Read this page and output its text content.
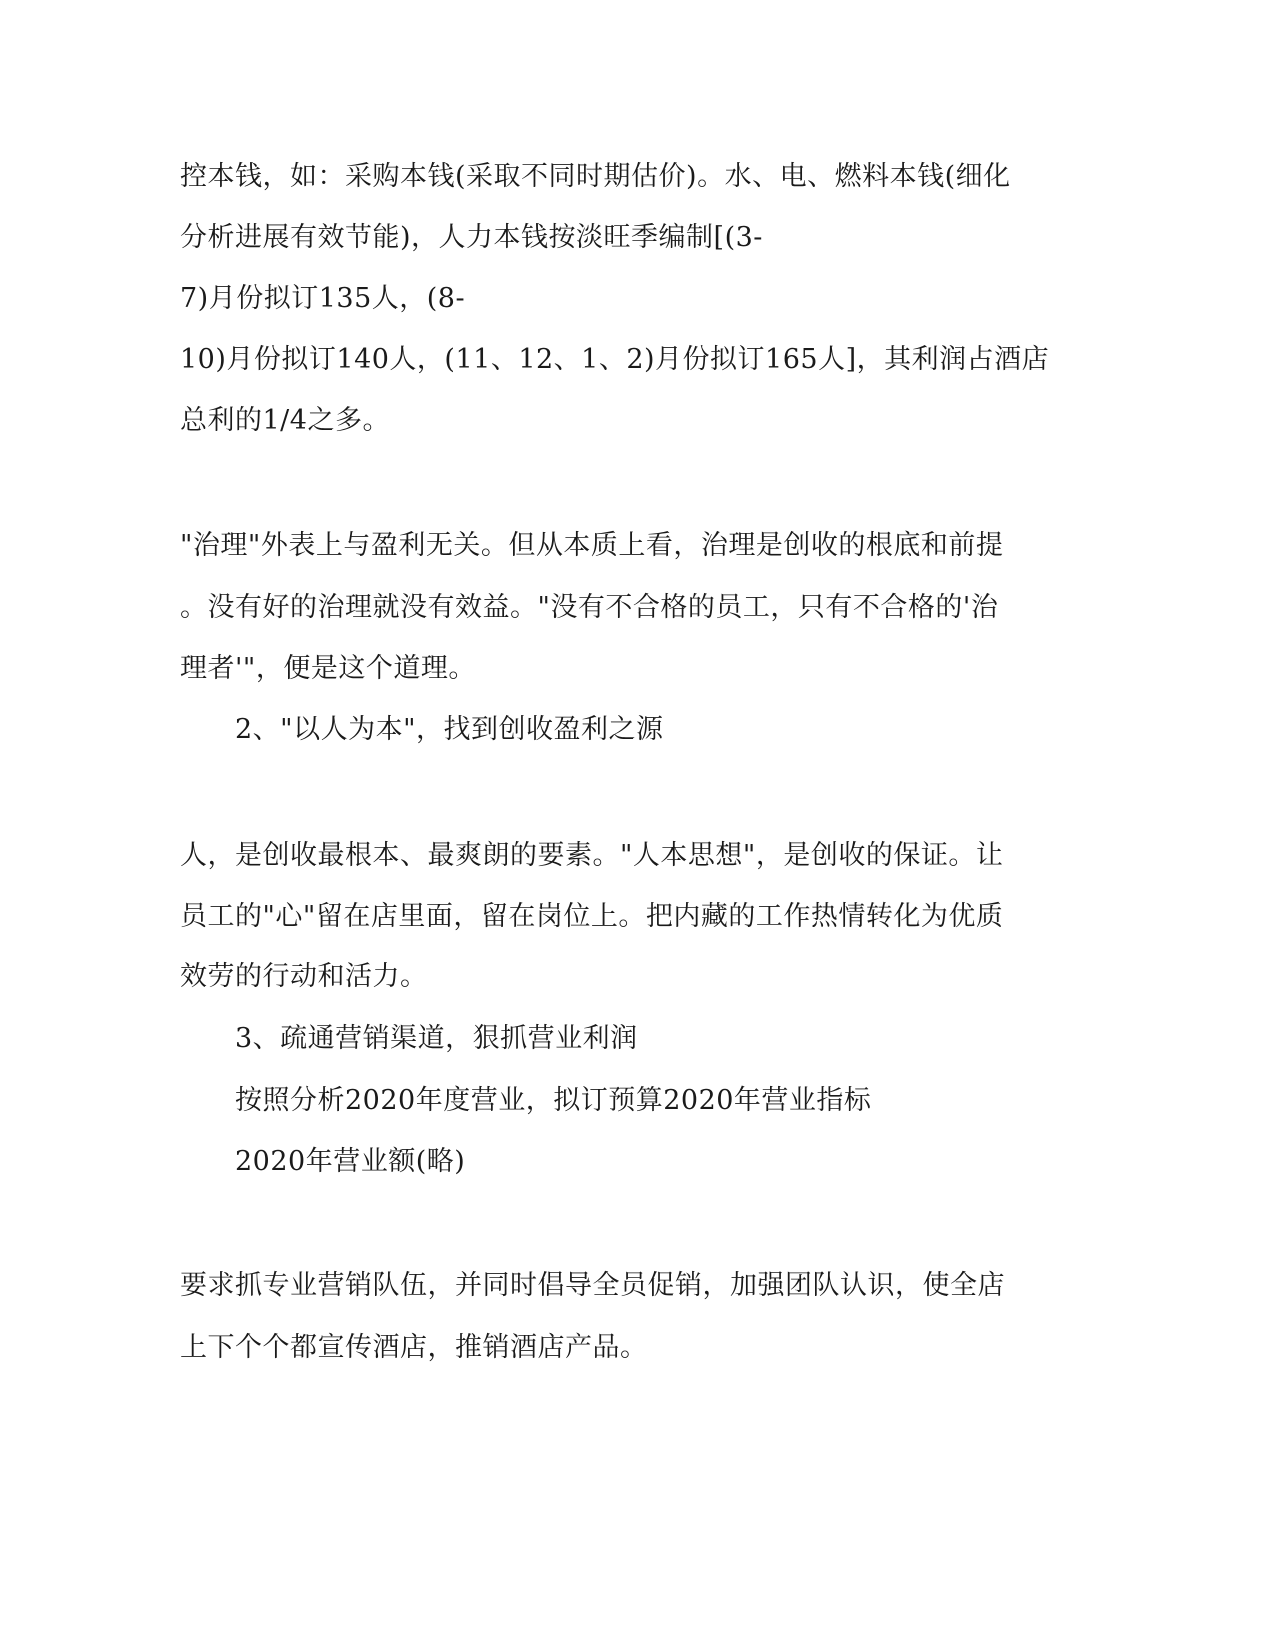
控本钱，如：采购本钱(采取不同时期估价)。水、电、燃料本钱(细化
分析进展有效节能)，人力本钱按淡旺季编制[(3-
7)月份拟订135人，(8-
10)月份拟订140人，(11、12、1、2)月份拟订165人]，其利润占酒店
总利的1/4之多。
"治理"外表上与盈利无关。但从本质上看，治理是创收的根底和前提
。没有好的治理就没有效益。"没有不合格的员工，只有不合格的'治
理者'"，便是这个道理。
2、"以人为本"，找到创收盈利之源
人，是创收最根本、最爽朗的要素。"人本思想"，是创收的保证。让
员工的"心"留在店里面，留在岗位上。把内藏的工作热情转化为优质
效劳的行动和活力。
3、疏通营销渠道，狠抓营业利润
按照分析2020年度营业，拟订预算2020年营业指标
2020年营业额(略)
要求抓专业营销队伍，并同时倡导全员促销，加强团队认识，使全店
上下个个都宣传酒店，推销酒店产品。
